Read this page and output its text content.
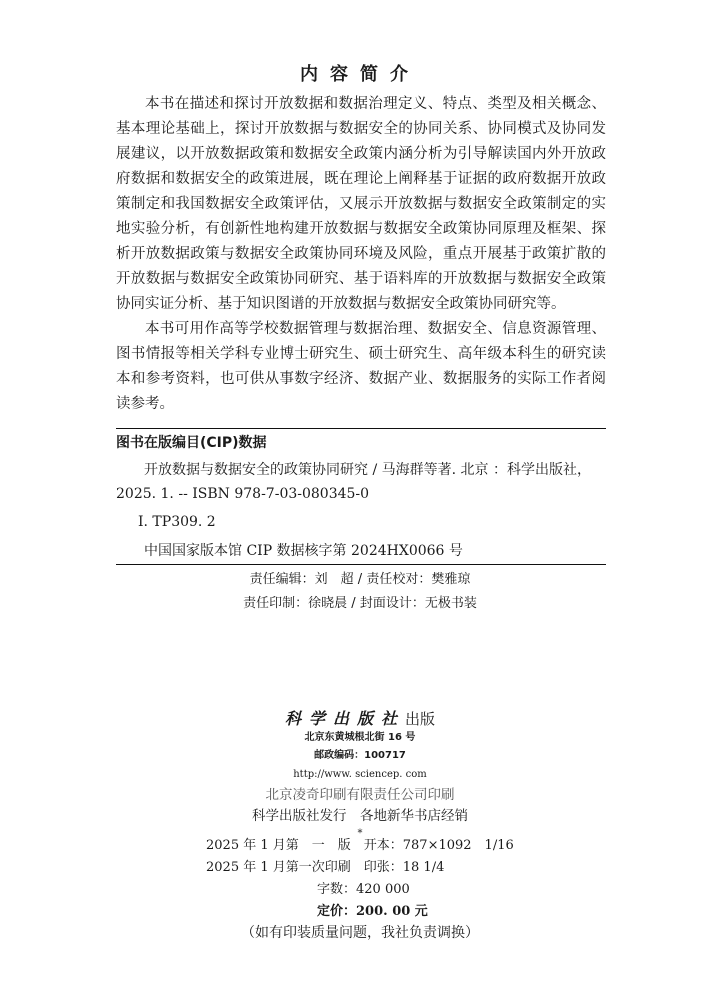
内容简介

本书在描述和探讨开放数据和数据治理定义、特点、类型及相关概念、基本理论基础上，探讨开放数据与数据安全的协同关系、协同模式及协同发展建议，以开放数据政策和数据安全政策内涵分析为引导解读国内外开放政府数据和数据安全的政策进展，既在理论上阐释基于证据的政府数据开放政策制定和我国数据安全政策评估，又展示开放数据与数据安全政策制定的实地实验分析，有创新性地构建开放数据与数据安全政策协同原理及框架、探析开放数据政策与数据安全政策协同环境及风险，重点开展基于政策扩散的开放数据与数据安全政策协同研究、基于语料库的开放数据与数据安全政策协同实证分析、基于知识图谱的开放数据与数据安全政策协同研究等。

本书可用作高等学校数据管理与数据治理、数据安全、信息资源管理、图书情报等相关学科专业博士研究生、硕士研究生、高年级本科生的研究读本和参考资料，也可供从事数字经济、数据产业、数据服务的实际工作者阅读参考。

图书在版编目(CIP)数据

开放数据与数据安全的政策协同研究 / 马海群等著. 北京 ：科学出版社，2025. 1. -- ISBN 978-7-03-080345-0

Ⅰ. TP309. 2

中国国家版本馆 CIP 数据核字第 2024HX0066 号

责任编辑：刘　超 / 责任校对：樊雅琼
责任印制：徐晓晨 / 封面设计：无极书装
科学出版社出版
北京东黄城根北街 16 号
邮政编码：100717
http://www. sciencep. com
北京凌奇印刷有限责任公司印刷
科学出版社发行　各地新华书店经销
*
2025 年 1 月第　一　版　开本：787×1092　1/16
2025 年 1 月第一次印刷　印张：18 1/4
字数：420 000
定价：200. 00 元
（如有印装质量问题，我社负责调换）
